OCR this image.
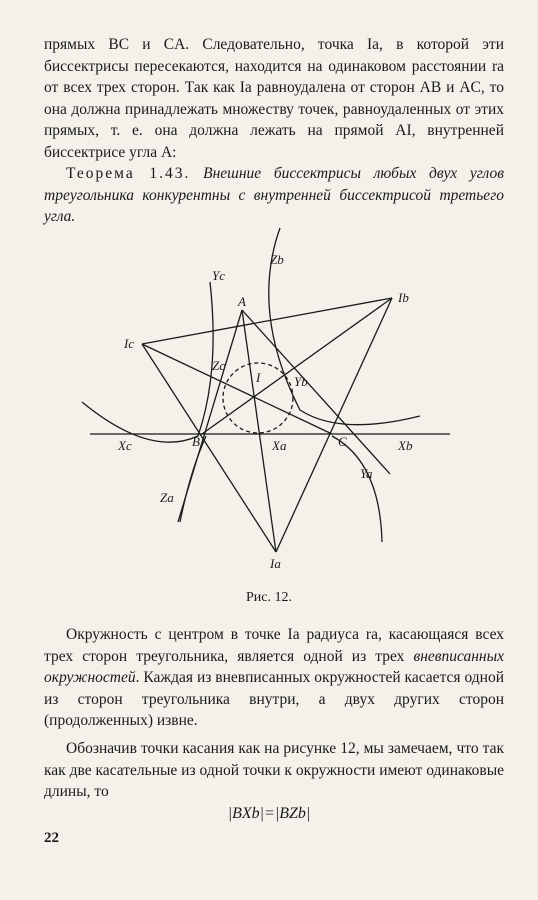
прямых BC и CA. Следовательно, точка Ia, в которой эти биссектрисы пересекаются, находится на одинаковом расстоянии ra от всех трех сторон. Так как Ia равноудалена от сторон AB и AC, то она должна принадлежать множеству точек, равноудаленных от этих прямых, т. е. она должна лежать на прямой AI, внутренней биссектрисе угла A:

Теорема 1.43. Внешние биссектрисы любых двух углов треугольника конкурентны с внутренней биссектрисой третьего угла.
A
B	C
I
Ia
Ib
Ic
Xa	Xb
Xc
Ya
Yb
Yc
Za
Zb
Zc
Рис. 12.
Окружность с центром в точке Ia радиуса ra, касающаяся всех трех сторон треугольника, является одной из трех вневписанных окружностей. Каждая из вневписанных окружностей касается одной из сторон треугольника внутри, а двух других сторон (продолженных) извне.

Обозначив точки касания как на рисунке 12, мы замечаем, что так как две касательные из одной точки к окружности имеют одинаковые длины, то

|BXb|=|BZb|
22
